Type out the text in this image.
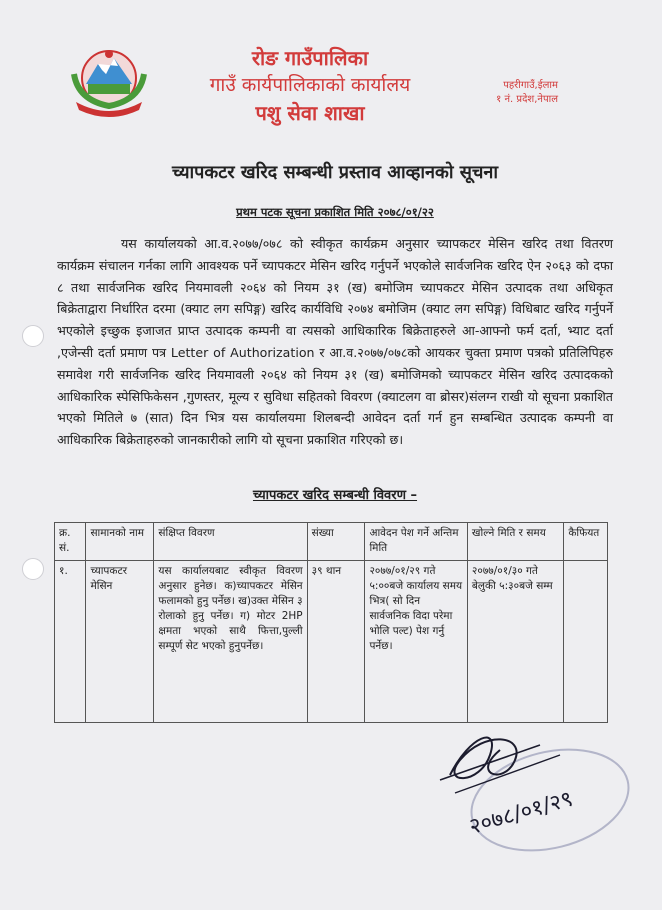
रोङ गाउँपालिका
गाउँ कार्यपालिकाको कार्यालय
पशु सेवा शाखा
पहरीगाउँ,ईलाम
१ नं. प्रदेश,नेपाल
च्यापकटर खरिद सम्बन्धी प्रस्ताव आव्हानको सूचना
प्रथम पटक सूचना प्रकाशित मिति २०७८/०१/२२

यस कार्यालयको आ.व.२०७७/०७८ को स्वीकृत कार्यक्रम अनुसार च्यापकटर मेसिन खरिद तथा वितरण कार्यक्रम संचालन गर्नका लागि आवश्यक पर्ने च्यापकटर मेसिन खरिद गर्नुपर्ने भएकोले सार्वजनिक खरिद ऐन २०६३ को दफा ८ तथा सार्वजनिक खरिद नियमावली २०६४ को नियम ३१ (ख) बमोजिम च्यापकटर मेसिन उत्पादक तथा अधिकृत बिक्रेताद्वारा निर्धारित दरमा (क्याट लग सपिङ्ग) खरिद कार्यविधि २०७४ बमोजिम (क्याट लग सपिङ्ग) विधिबाट खरिद गर्नुपर्ने भएकोले इच्छुक इजाजत प्राप्त उत्पादक कम्पनी वा त्यसको आधिकारिक बिक्रेताहरुले आ-आफ्नो फर्म दर्ता, भ्याट दर्ता ,एजेन्सी दर्ता प्रमाण पत्र Letter of Authorization र आ.व.२०७७/०७८को आयकर चुक्ता प्रमाण पत्रको प्रतिलिपिहरु समावेश गरी सार्वजनिक खरिद नियमावली २०६४ को नियम ३१ (ख) बमोजिमको च्यापकटर मेसिन खरिद उत्पादकको आधिकारिक स्पेसिफिकेसन ,गुणस्तर, मूल्य र सुविधा सहितको विवरण (क्याटलग वा ब्रोसर)संलग्न राखी यो सूचना प्रकाशित भएको मितिले ७ (सात) दिन भित्र यस कार्यालयमा शिलबन्दी आवेदन दर्ता गर्न हुन सम्बन्धित उत्पादक कम्पनी वा आधिकारिक बिक्रेताहरुको जानकारीको लागि यो सूचना प्रकाशित गरिएको छ।

च्यापकटर खरिद सम्बन्धी विवरण –
क्र. सं.	सामानको नाम	संक्षिप्त विवरण	संख्या	आवेदन पेश गर्ने अन्तिम मिति	खोल्ने मिति र समय	कैफियत
१.	च्यापकटर मेसिन	यस कार्यालयबाट स्वीकृत विवरण अनुसार हुनेछ। क)च्यापकटर मेसिन फलामको हुनु पर्नेछ। ख)उक्त मेसिन ३ रोलाको हुनु पर्नेछ। ग) मोटर 2HP क्षमता भएको साथै फित्ता,पुल्ली सम्पूर्ण सेट भएको हुनुपर्नेछ।	३९ थान	२०७७/०१/२९ गते ५:००बजे कार्यालय समय भित्र( सो दिन सार्वजनिक विदा परेमा भोलि पल्ट) पेश गर्नु पर्नेछ।	२०७७/०१/३० गते बेलुकी ५:३०बजे सम्म	
२०७८/०१/२९
